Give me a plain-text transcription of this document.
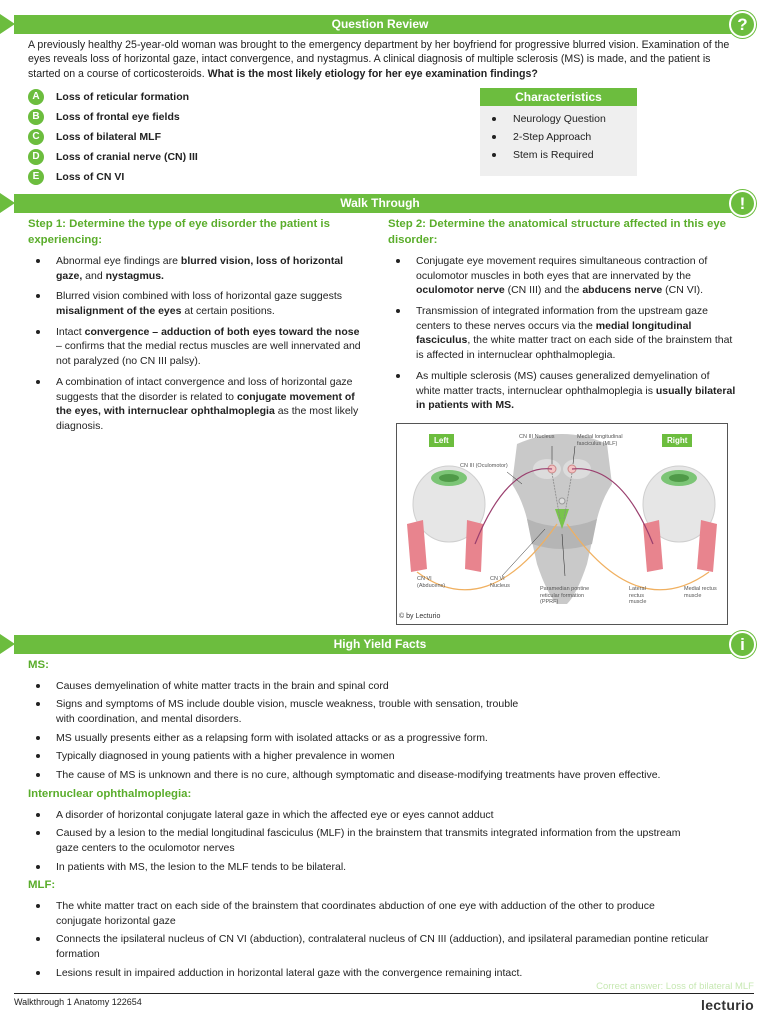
Question Review	?
A previously healthy 25-year-old woman was brought to the emergency department by her boyfriend for progressive blurred vision. Examination of the eyes reveals loss of horizontal gaze, intact convergence, and nystagmus. A clinical diagnosis of multiple sclerosis (MS) is made, and the patient is started on a course of corticosteroids. What is the most likely etiology for her eye examination findings?
A	Loss of reticular formation
B	Loss of frontal eye fields
C	Loss of bilateral MLF
D	Loss of cranial nerve (CN) III
E	Loss of CN VI
Characteristics
Neurology Question
2-Step Approach
Stem is Required
Walk Through	!
Step 1: Determine the type of eye disorder the patient is experiencing:
Abnormal eye findings are blurred vision, loss of horizontal gaze, and nystagmus.
Blurred vision combined with loss of horizontal gaze suggests misalignment of the eyes at certain positions.
Intact convergence – adduction of both eyes toward the nose – confirms that the medial rectus muscles are well innervated and not paralyzed (no CN III palsy).
A combination of intact convergence and loss of horizontal gaze suggests that the disorder is related to conjugate movement of the eyes, with internuclear ophthalmoplegia as the most likely diagnosis.
Step 2: Determine the anatomical structure affected in this eye disorder:
Conjugate eye movement requires simultaneous contraction of oculomotor muscles in both eyes that are innervated by the oculomotor nerve (CN III) and the abducens nerve (CN VI).
Transmission of integrated information from the upstream gaze centers to these nerves occurs via the medial longitudinal fasciculus, the white matter tract on each side of the brainstem that is affected in internuclear ophthalmoplegia.
As multiple sclerosis (MS) causes generalized demyelination of white matter tracts, internuclear ophthalmoplegia is usually bilateral in patients with MS.
Left	Right
CN III Nucleus	Medial longitudinal fasciculus (MLF)
CN III (Oculomotor)
CN VI (Abducens)
CN VI Nucleus
Paramedian pontine reticular formation (PPRF)
Lateral rectus muscle
Medial rectus muscle
© by Lecturio
High Yield Facts	i
MS:
Causes demyelination of white matter tracts in the brain and spinal cord
Signs and symptoms of MS include double vision, muscle weakness, trouble with sensation, trouble with coordination, and mental disorders.
MS usually presents either as a relapsing form with isolated attacks or as a progressive form.
Typically diagnosed in young patients with a higher prevalence in women
The cause of MS is unknown and there is no cure, although symptomatic and disease-modifying treatments have proven effective.
Internuclear ophthalmoplegia:
A disorder of horizontal conjugate lateral gaze in which the affected eye or eyes cannot adduct
Caused by a lesion to the medial longitudinal fasciculus (MLF) in the brainstem that transmits integrated information from the upstream gaze centers to the oculomotor nerves
In patients with MS, the lesion to the MLF tends to be bilateral.
MLF:
The white matter tract on each side of the brainstem that coordinates abduction of one eye with adduction of the other to produce conjugate horizontal gaze
Connects the ipsilateral nucleus of CN VI (abduction), contralateral nucleus of CN III (adduction), and ipsilateral paramedian pontine reticular formation
Lesions result in impaired adduction in horizontal lateral gaze with the convergence remaining intact.
Correct answer: Loss of bilateral MLF
Walkthrough 1 Anatomy 122654	lecturio
